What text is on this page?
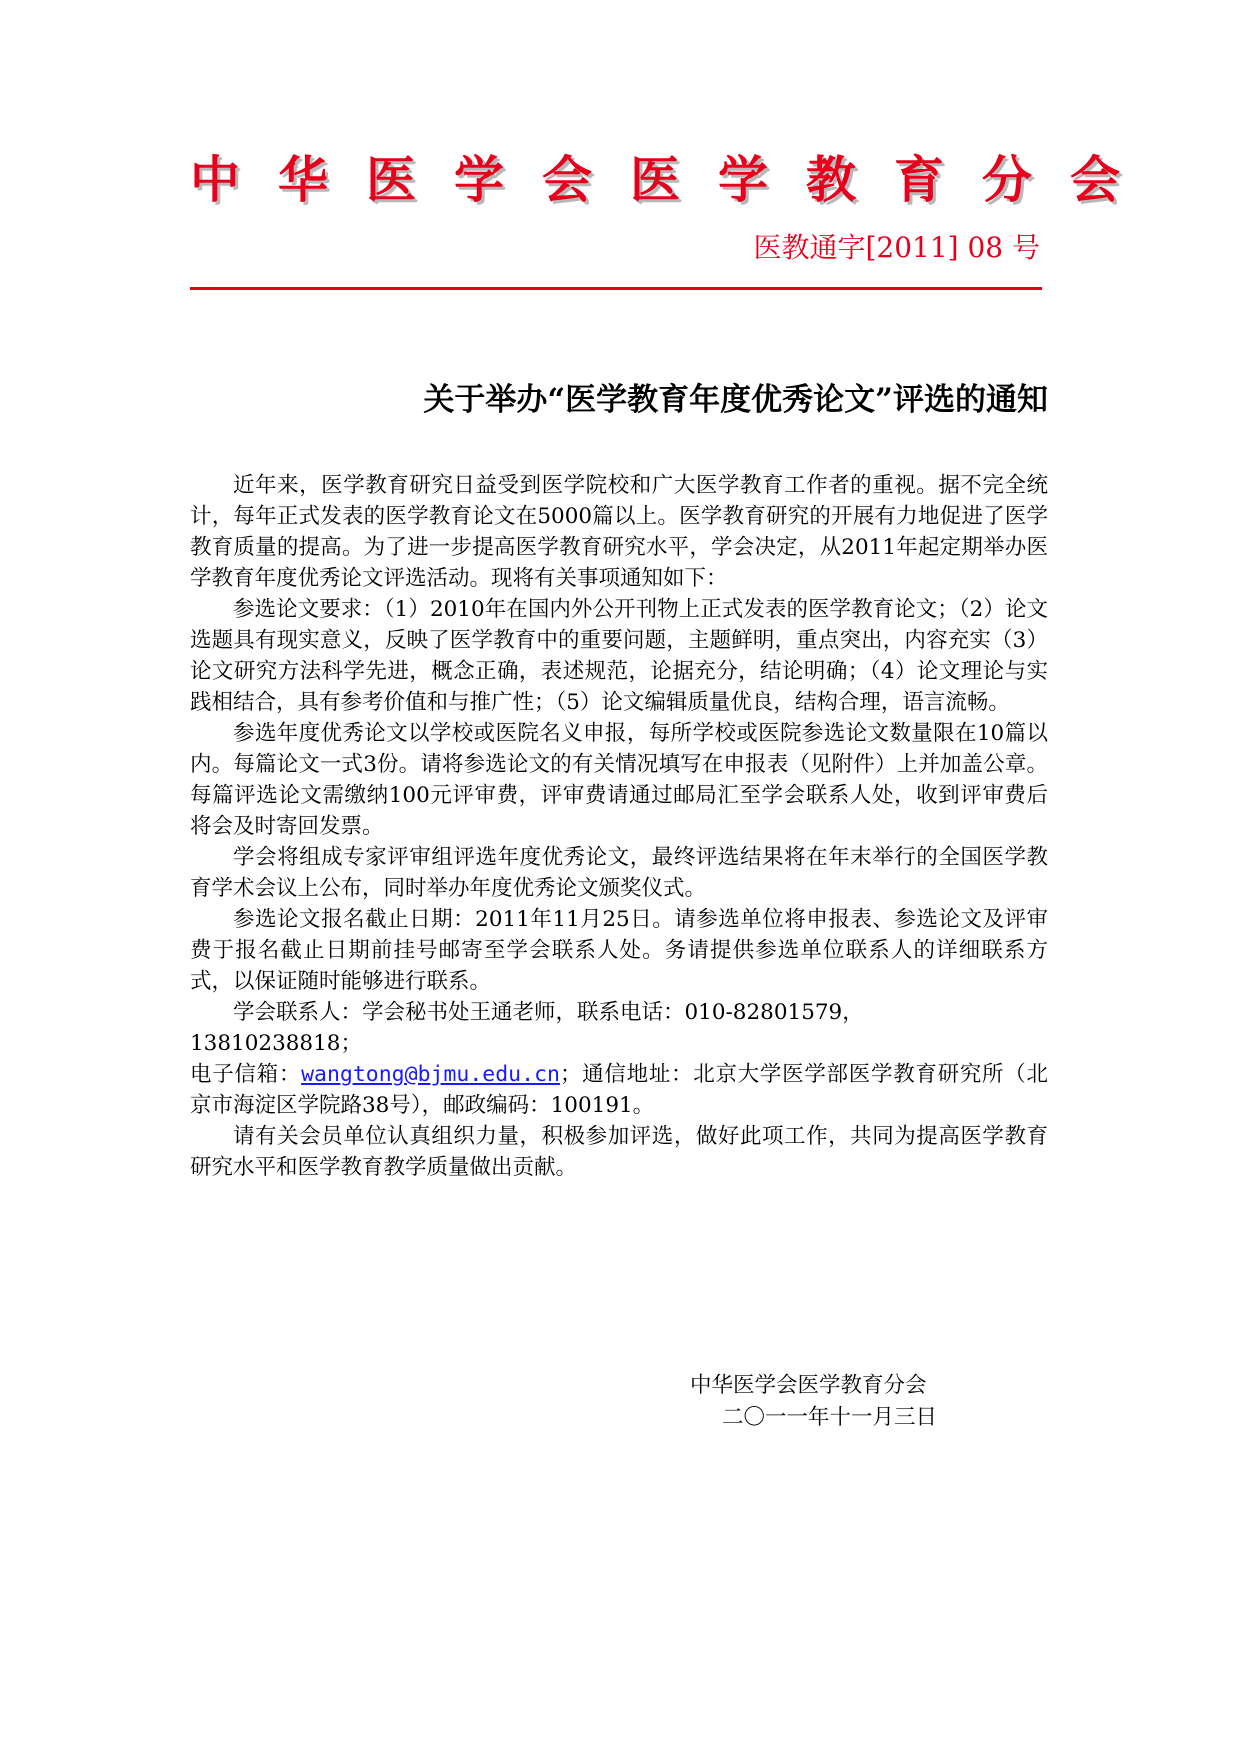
中华医学会医学教育分会
医教通字[2011] 08 号
关于举办“医学教育年度优秀论文”评选的通知

近年来，医学教育研究日益受到医学院校和广大医学教育工作者的重视。据不完全统计，每年正式发表的医学教育论文在5000篇以上。医学教育研究的开展有力地促进了医学教育质量的提高。为了进一步提高医学教育研究水平，学会决定，从2011年起定期举办医学教育年度优秀论文评选活动。现将有关事项通知如下：

参选论文要求：（1）2010年在国内外公开刊物上正式发表的医学教育论文；（2）论文选题具有现实意义，反映了医学教育中的重要问题，主题鲜明，重点突出，内容充实（3）论文研究方法科学先进，概念正确，表述规范，论据充分，结论明确；（4）论文理论与实践相结合，具有参考价值和与推广性；（5）论文编辑质量优良，结构合理，语言流畅。

参选年度优秀论文以学校或医院名义申报，每所学校或医院参选论文数量限在10篇以内。每篇论文一式3份。请将参选论文的有关情况填写在申报表（见附件）上并加盖公章。每篇评选论文需缴纳100元评审费，评审费请通过邮局汇至学会联系人处，收到评审费后将会及时寄回发票。

学会将组成专家评审组评选年度优秀论文，最终评选结果将在年末举行的全国医学教育学术会议上公布，同时举办年度优秀论文颁奖仪式。

参选论文报名截止日期：2011年11月25日。请参选单位将申报表、参选论文及评审费于报名截止日期前挂号邮寄至学会联系人处。务请提供参选单位联系人的详细联系方式，以保证随时能够进行联系。

学会联系人：学会秘书处王通老师，联系电话：010-82801579，

13810238818；

电子信箱：wangtong@bjmu.edu.cn；通信地址：北京大学医学部医学教育研究所（北京市海淀区学院路38号），邮政编码：100191。

请有关会员单位认真组织力量，积极参加评选，做好此项工作，共同为提高医学教育研究水平和医学教育教学质量做出贡献。

中华医学会医学教育分会
二〇一一年十一月三日
